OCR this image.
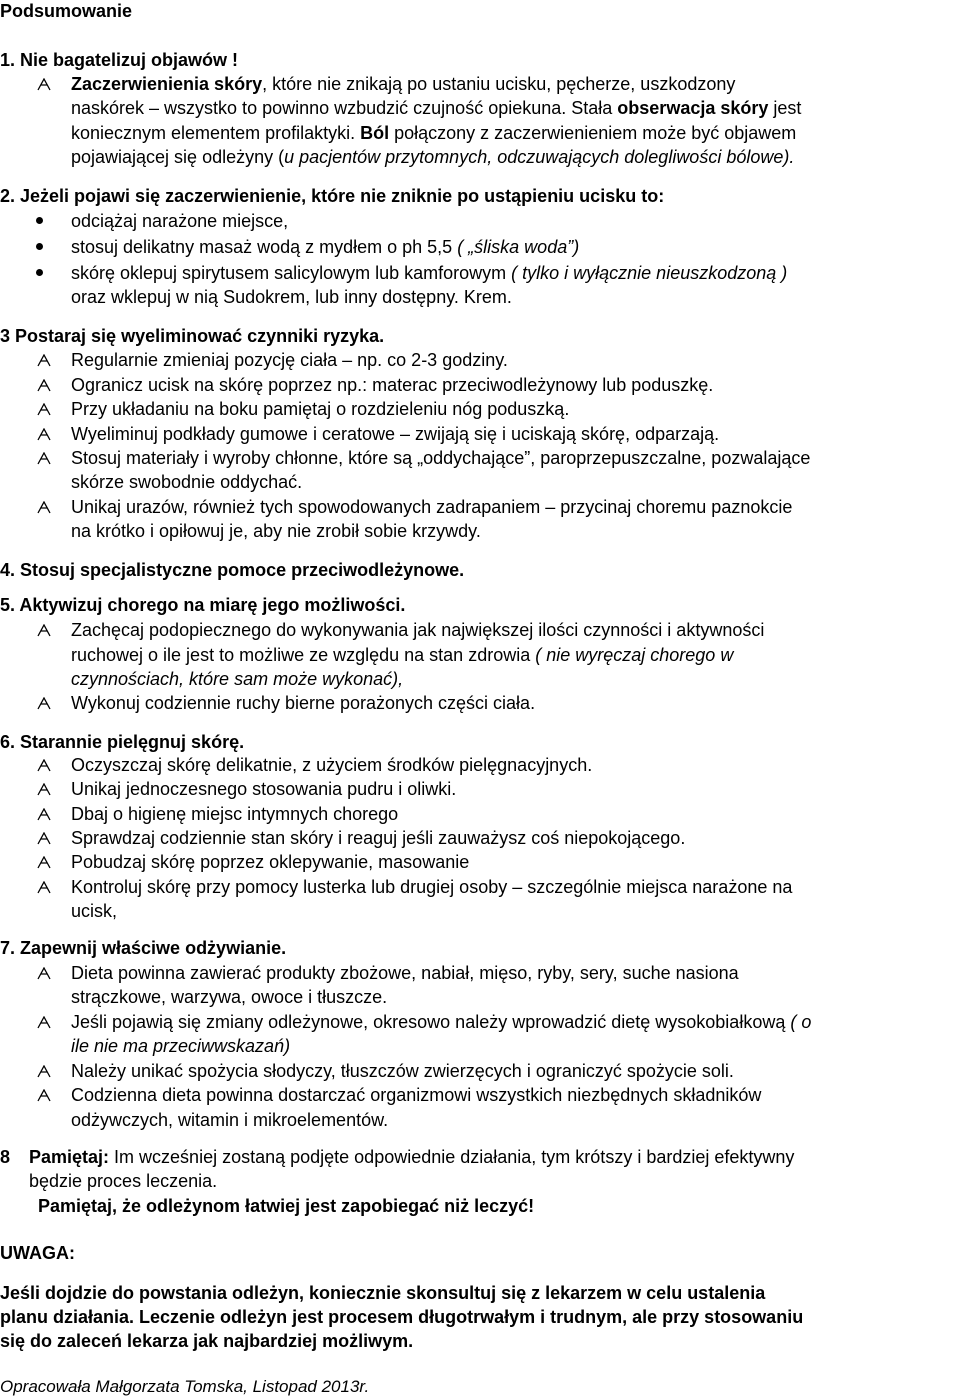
Podsumowanie
1. Nie bagatelizuj objawów !
Zaczerwienienia skóry, które nie znikają po ustaniu ucisku, pęcherze, uszkodzony
naskórek – wszystko to powinno wzbudzić czujność opiekuna. Stała obserwacja skóry jest
koniecznym elementem profilaktyki. Ból połączony z zaczerwienieniem może być objawem
pojawiającej się odleżyny (u pacjentów przytomnych, odczuwających dolegliwości bólowe).
2. Jeżeli pojawi się zaczerwienienie, które nie zniknie po ustąpieniu ucisku to:
odciążaj narażone miejsce,
stosuj delikatny masaż wodą z mydłem o ph 5,5 ( „śliska woda”)
skórę oklepuj spirytusem salicylowym lub kamforowym ( tylko i wyłącznie nieuszkodzoną )
oraz wklepuj w nią Sudokrem, lub inny dostępny. Krem.
3 Postaraj się wyeliminować czynniki ryzyka.
Regularnie zmieniaj pozycję ciała – np. co 2-3 godziny.
Ogranicz ucisk na skórę poprzez np.: materac przeciwodleżynowy lub poduszkę.
Przy układaniu na boku pamiętaj o rozdzieleniu nóg poduszką.
Wyeliminuj podkłady gumowe i ceratowe – zwijają się i uciskają skórę, odparzają.
Stosuj materiały i wyroby chłonne, które są „oddychające”, paroprzepuszczalne, pozwalające
skórze swobodnie oddychać.
Unikaj urazów, również tych spowodowanych zadrapaniem – przycinaj choremu paznokcie
na krótko i opiłowuj je, aby nie zrobił sobie krzywdy.
4. Stosuj specjalistyczne pomoce przeciwodleżynowe.
5. Aktywizuj chorego na miarę jego możliwości.
Zachęcaj podopiecznego do wykonywania jak największej ilości czynności i aktywności
ruchowej o ile jest to możliwe ze względu na stan zdrowia ( nie wyręczaj chorego w
czynnościach, które sam może wykonać),
Wykonuj codziennie ruchy bierne porażonych części ciała.
6. Starannie pielęgnuj skórę.
Oczyszczaj skórę delikatnie, z użyciem środków pielęgnacyjnych.
Unikaj jednoczesnego stosowania pudru i oliwki.
Dbaj o higienę miejsc intymnych chorego
Sprawdzaj codziennie stan skóry i reaguj jeśli zauważysz coś niepokojącego.
Pobudzaj skórę poprzez oklepywanie, masowanie
Kontroluj skórę przy pomocy lusterka lub drugiej osoby – szczególnie miejsca narażone na
ucisk,
7. Zapewnij właściwe odżywianie.
Dieta powinna zawierać produkty zbożowe, nabiał, mięso, ryby, sery, suche nasiona
strączkowe, warzywa, owoce i tłuszcze.
Jeśli pojawią się zmiany odleżynowe, okresowo należy wprowadzić dietę wysokobiałkową ( o
ile nie ma przeciwwskazań)
Należy unikać spożycia słodyczy, tłuszczów zwierzęcych i ograniczyć spożycie soli.
Codzienna dieta powinna dostarczać organizmowi wszystkich niezbędnych składników
odżywczych, witamin i mikroelementów.
8 Pamiętaj: Im wcześniej zostaną podjęte odpowiednie działania, tym krótszy i bardziej efektywny
będzie proces leczenia.
Pamiętaj, że odleżynom łatwiej jest zapobiegać niż leczyć!
UWAGA:
Jeśli dojdzie do powstania odleżyn, koniecznie skonsultuj się z lekarzem w celu ustalenia
planu działania. Leczenie odleżyn jest procesem długotrwałym i trudnym, ale przy stosowaniu
się do zaleceń lekarza jak najbardziej możliwym.
Opracowała Małgorzata Tomska, Listopad 2013r.
